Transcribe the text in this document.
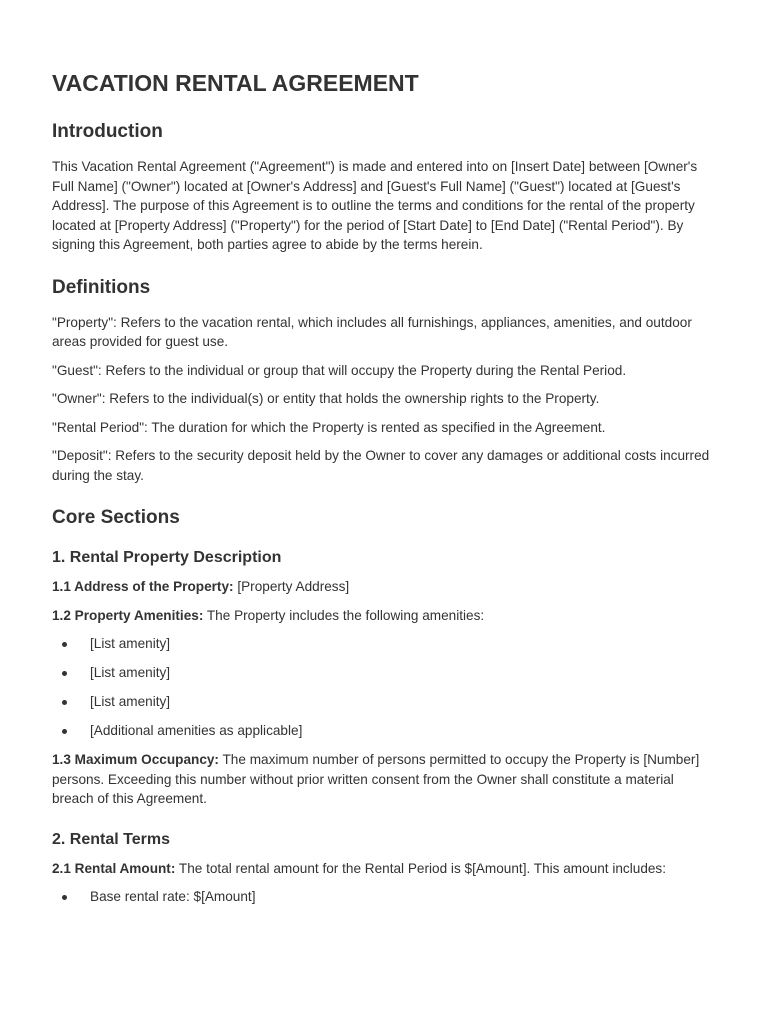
VACATION RENTAL AGREEMENT
Introduction

This Vacation Rental Agreement ("Agreement") is made and entered into on [Insert Date] between [Owner's Full Name] ("Owner") located at [Owner's Address] and [Guest's Full Name] ("Guest") located at [Guest's Address]. The purpose of this Agreement is to outline the terms and conditions for the rental of the property located at [Property Address] ("Property") for the period of [Start Date] to [End Date] ("Rental Period"). By signing this Agreement, both parties agree to abide by the terms herein.

Definitions

"Property": Refers to the vacation rental, which includes all furnishings, appliances, amenities, and outdoor areas provided for guest use.

"Guest": Refers to the individual or group that will occupy the Property during the Rental Period.

"Owner": Refers to the individual(s) or entity that holds the ownership rights to the Property.

"Rental Period": The duration for which the Property is rented as specified in the Agreement.

"Deposit": Refers to the security deposit held by the Owner to cover any damages or additional costs incurred during the stay.

Core Sections
1. Rental Property Description

1.1 Address of the Property: [Property Address]

1.2 Property Amenities: The Property includes the following amenities:

[List amenity]
[List amenity]
[List amenity]
[Additional amenities as applicable]

1.3 Maximum Occupancy: The maximum number of persons permitted to occupy the Property is [Number] persons. Exceeding this number without prior written consent from the Owner shall constitute a material breach of this Agreement.

2. Rental Terms

2.1 Rental Amount: The total rental amount for the Rental Period is $[Amount]. This amount includes:

Base rental rate: $[Amount]
